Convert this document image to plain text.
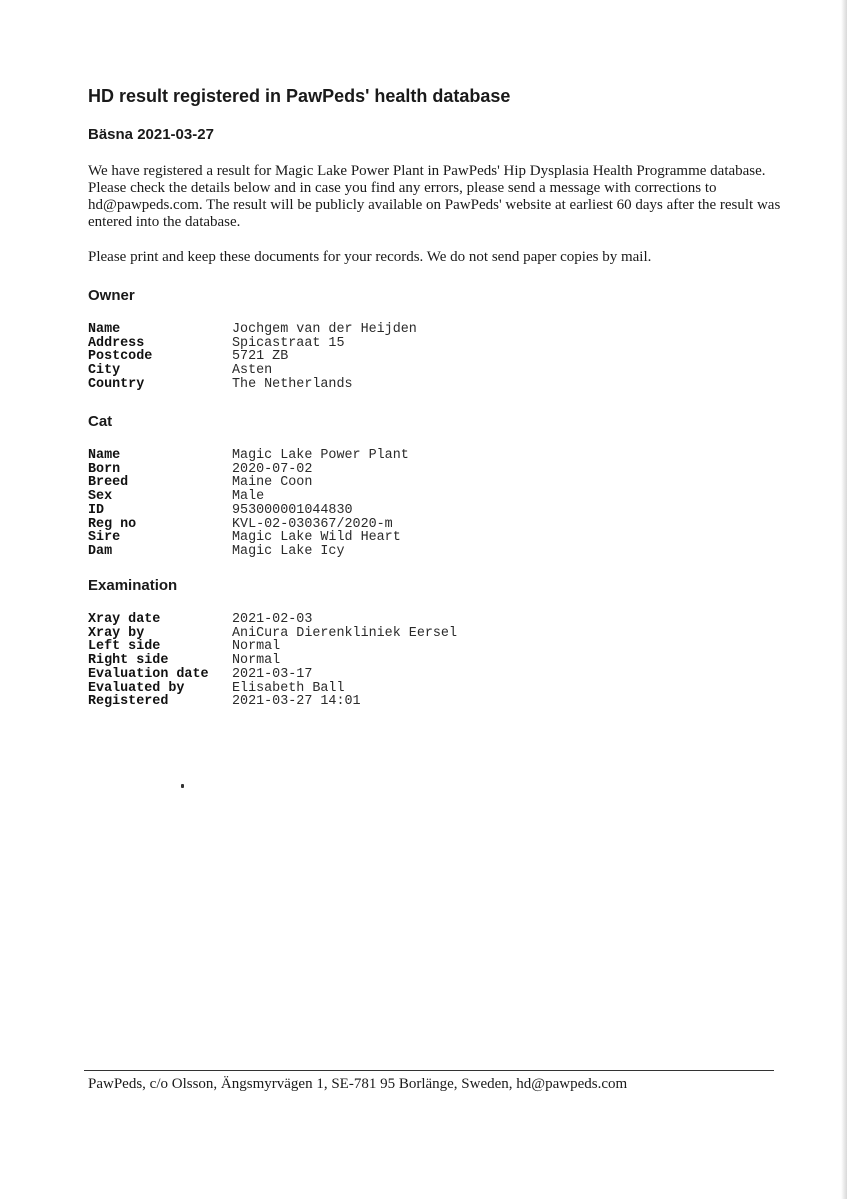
HD result registered in PawPeds' health database
Bäsna 2021-03-27

We have registered a result for Magic Lake Power Plant in PawPeds' Hip Dysplasia Health Programme database. Please check the details below and in case you find any errors, please send a message with corrections to hd@pawpeds.com. The result will be publicly available on PawPeds' website at earliest 60 days after the result was entered into the database.

Please print and keep these documents for your records. We do not send paper copies by mail.

Owner
Name	Jochgem van der Heijden
Address	Spicastraat 15
Postcode	5721 ZB
City	Asten
Country	The Netherlands
Cat
Name	Magic Lake Power Plant
Born	2020-07-02
Breed	Maine Coon
Sex	Male
ID	953000001044830
Reg no	KVL-02-030367/2020-m
Sire	Magic Lake Wild Heart
Dam	Magic Lake Icy
Examination
Xray date	2021-02-03
Xray by	AniCura Dierenkliniek Eersel
Left side	Normal
Right side	Normal
Evaluation date	2021-03-17
Evaluated by	Elisabeth Ball
Registered	2021-03-27 14:01
PawPeds, c/o Olsson, Ängsmyrvägen 1, SE-781 95 Borlänge, Sweden, hd@pawpeds.com
